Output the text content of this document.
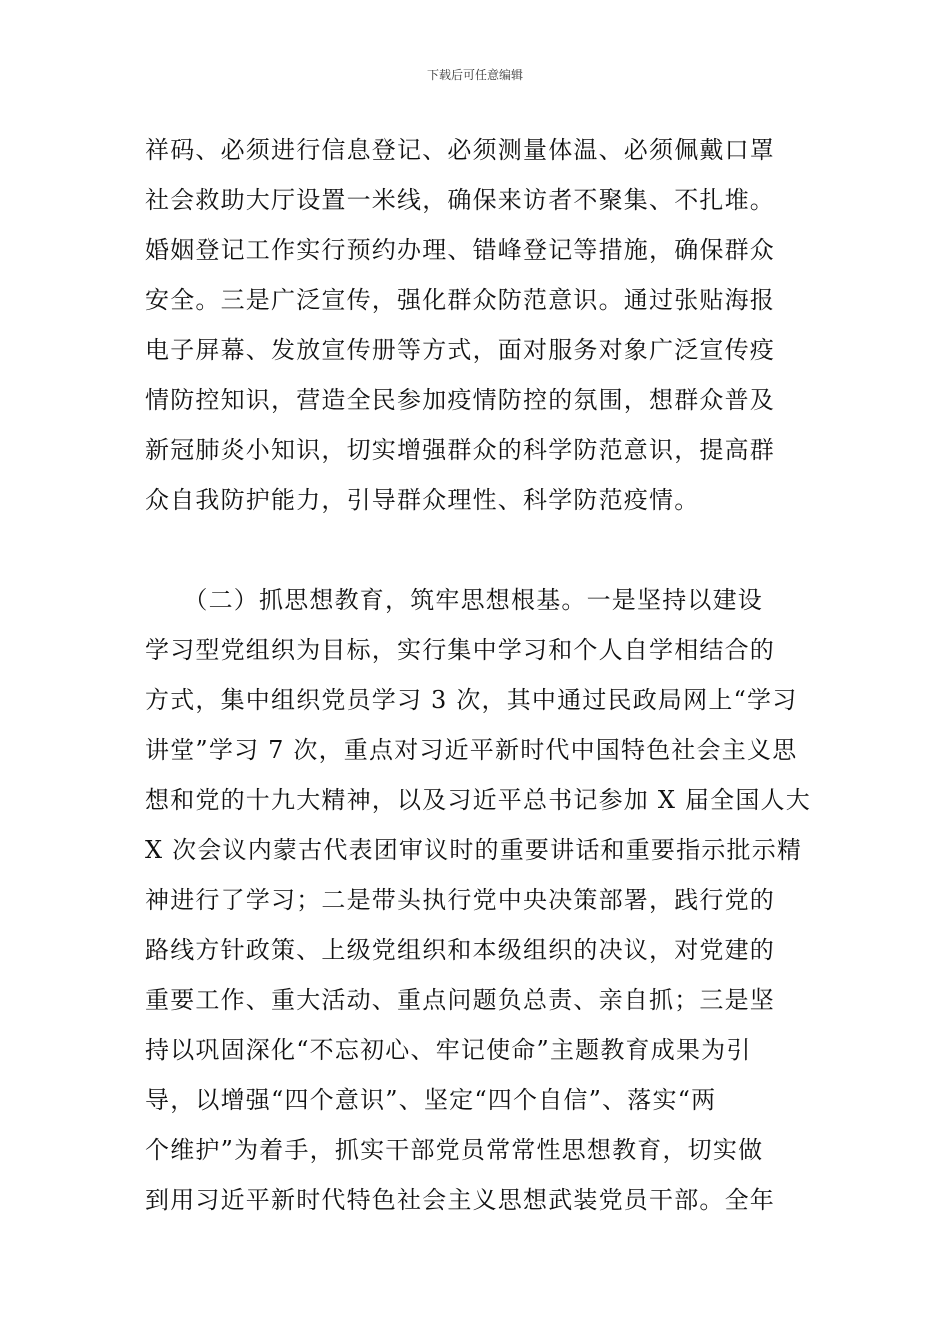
下载后可任意编辑
祥码、必须进行信息登记、必须测量体温、必须佩戴口罩
社会救助大厅设置一米线，确保来访者不聚集、不扎堆。
婚姻登记工作实行预约办理、错峰登记等措施，确保群众
安全。三是广泛宣传，强化群众防范意识。通过张贴海报
电子屏幕、发放宣传册等方式，面对服务对象广泛宣传疫
情防控知识，营造全民参加疫情防控的氛围，想群众普及
新冠肺炎小知识，切实增强群众的科学防范意识，提高群
众自我防护能力，引导群众理性、科学防范疫情。
　　（二）抓思想教育，筑牢思想根基。一是坚持以建设
学习型党组织为目标，实行集中学习和个人自学相结合的
方式，集中组织党员学习 3 次，其中通过民政局网上“学习
讲堂”学习 7 次，重点对习近平新时代中国特色社会主义思
想和党的十九大精神，以及习近平总书记参加 X 届全国人大
X 次会议内蒙古代表团审议时的重要讲话和重要指示批示精
神进行了学习；二是带头执行党中央决策部署，践行党的
路线方针政策、上级党组织和本级组织的决议，对党建的
重要工作、重大活动、重点问题负总责、亲自抓；三是坚
持以巩固深化“不忘初心、牢记使命”主题教育成果为引
导，以增强“四个意识”、坚定“四个自信”、落实“两
个维护”为着手，抓实干部党员常常性思想教育，切实做
到用习近平新时代特色社会主义思想武装党员干部。全年
